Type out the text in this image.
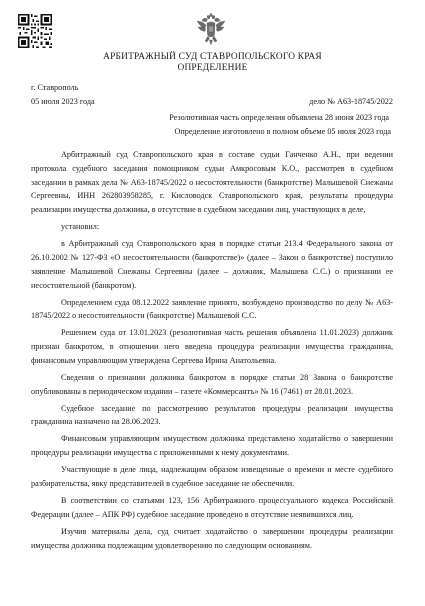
АРБИТРАЖНЫЙ СУД СТАВРОПОЛЬСКОГО КРАЯ
ОПРЕДЕЛЕНИЕ
г. Ставрополь
05 июля 2023 года	дело № А63-18745/2022
Резолютивная часть определения объявлена 28 июня 2023 года
Определение изготовлено в полном объеме 05 июля 2023 года

Арбитражный суд Ставропольского края в составе судьи Ганченко А.Н., при ведении протокола судебного заседания помощником судьи Амкросовым К.О., рассмотрев в судебном заседании в рамках дела № А63-18745/2022 о несостоятельности (банкротстве) Малышевой Снежаны Сергеевны, ИНН 262803958285, г. Кисловодск Ставропольского края, результаты процедуры реализации имущества должника, в отсутствие в судебном заседании лиц, участвующих в деле,

установил:

в Арбитражный суд Ставропольского края в порядке статьи 213.4 Федерального закона от 26.10.2002 № 127-ФЗ «О несостоятельности (банкротстве)» (далее – Закон о банкротстве) поступило заявление Малышевой Снежаны Сергеевны (далее – должник, Малышева С.С.) о признании ее несостоятельной (банкротом).

Определением суда 08.12.2022 заявление принято, возбуждено производство по делу № А63-18745/2022 о несостоятельности (банкротстве) Малышевой С.С.

Решением суда от 13.01.2023 (резолютивная часть решения объявлена 11.01.2023) должник признан банкротом, в отношении него введена процедура реализации имущества гражданина, финансовым управляющим утверждена Сергеева Ирина Анатольевна.

Сведения о признании должника банкротом в порядке статьи 28 Закона о банкротстве опубликованы в периодическом издании – газете «Коммерсантъ» № 16 (7461) от 28.01.2023.

Судебное заседание по рассмотрению результатов процедуры реализации имущества гражданина назначено на 28.06.2023.

Финансовым управляющим имуществом должника представлено ходатайство о завершении процедуры реализации имущества с приложенными к нему документами.

Участвующие в деле лица, надлежащим образом извещенные о времени и месте судебного разбирательства, явку представителей в судебное заседание не обеспечили.

В соответствии со статьями 123, 156 Арбитражного процессуального кодекса Российской Федерации (далее – АПК РФ) судебное заседание проведено в отсутствие неявившихся лиц.

Изучив материалы дела, суд считает ходатайство о завершении процедуры реализации имущества должника подлежащим удовлетворению по следующим основаниям.
